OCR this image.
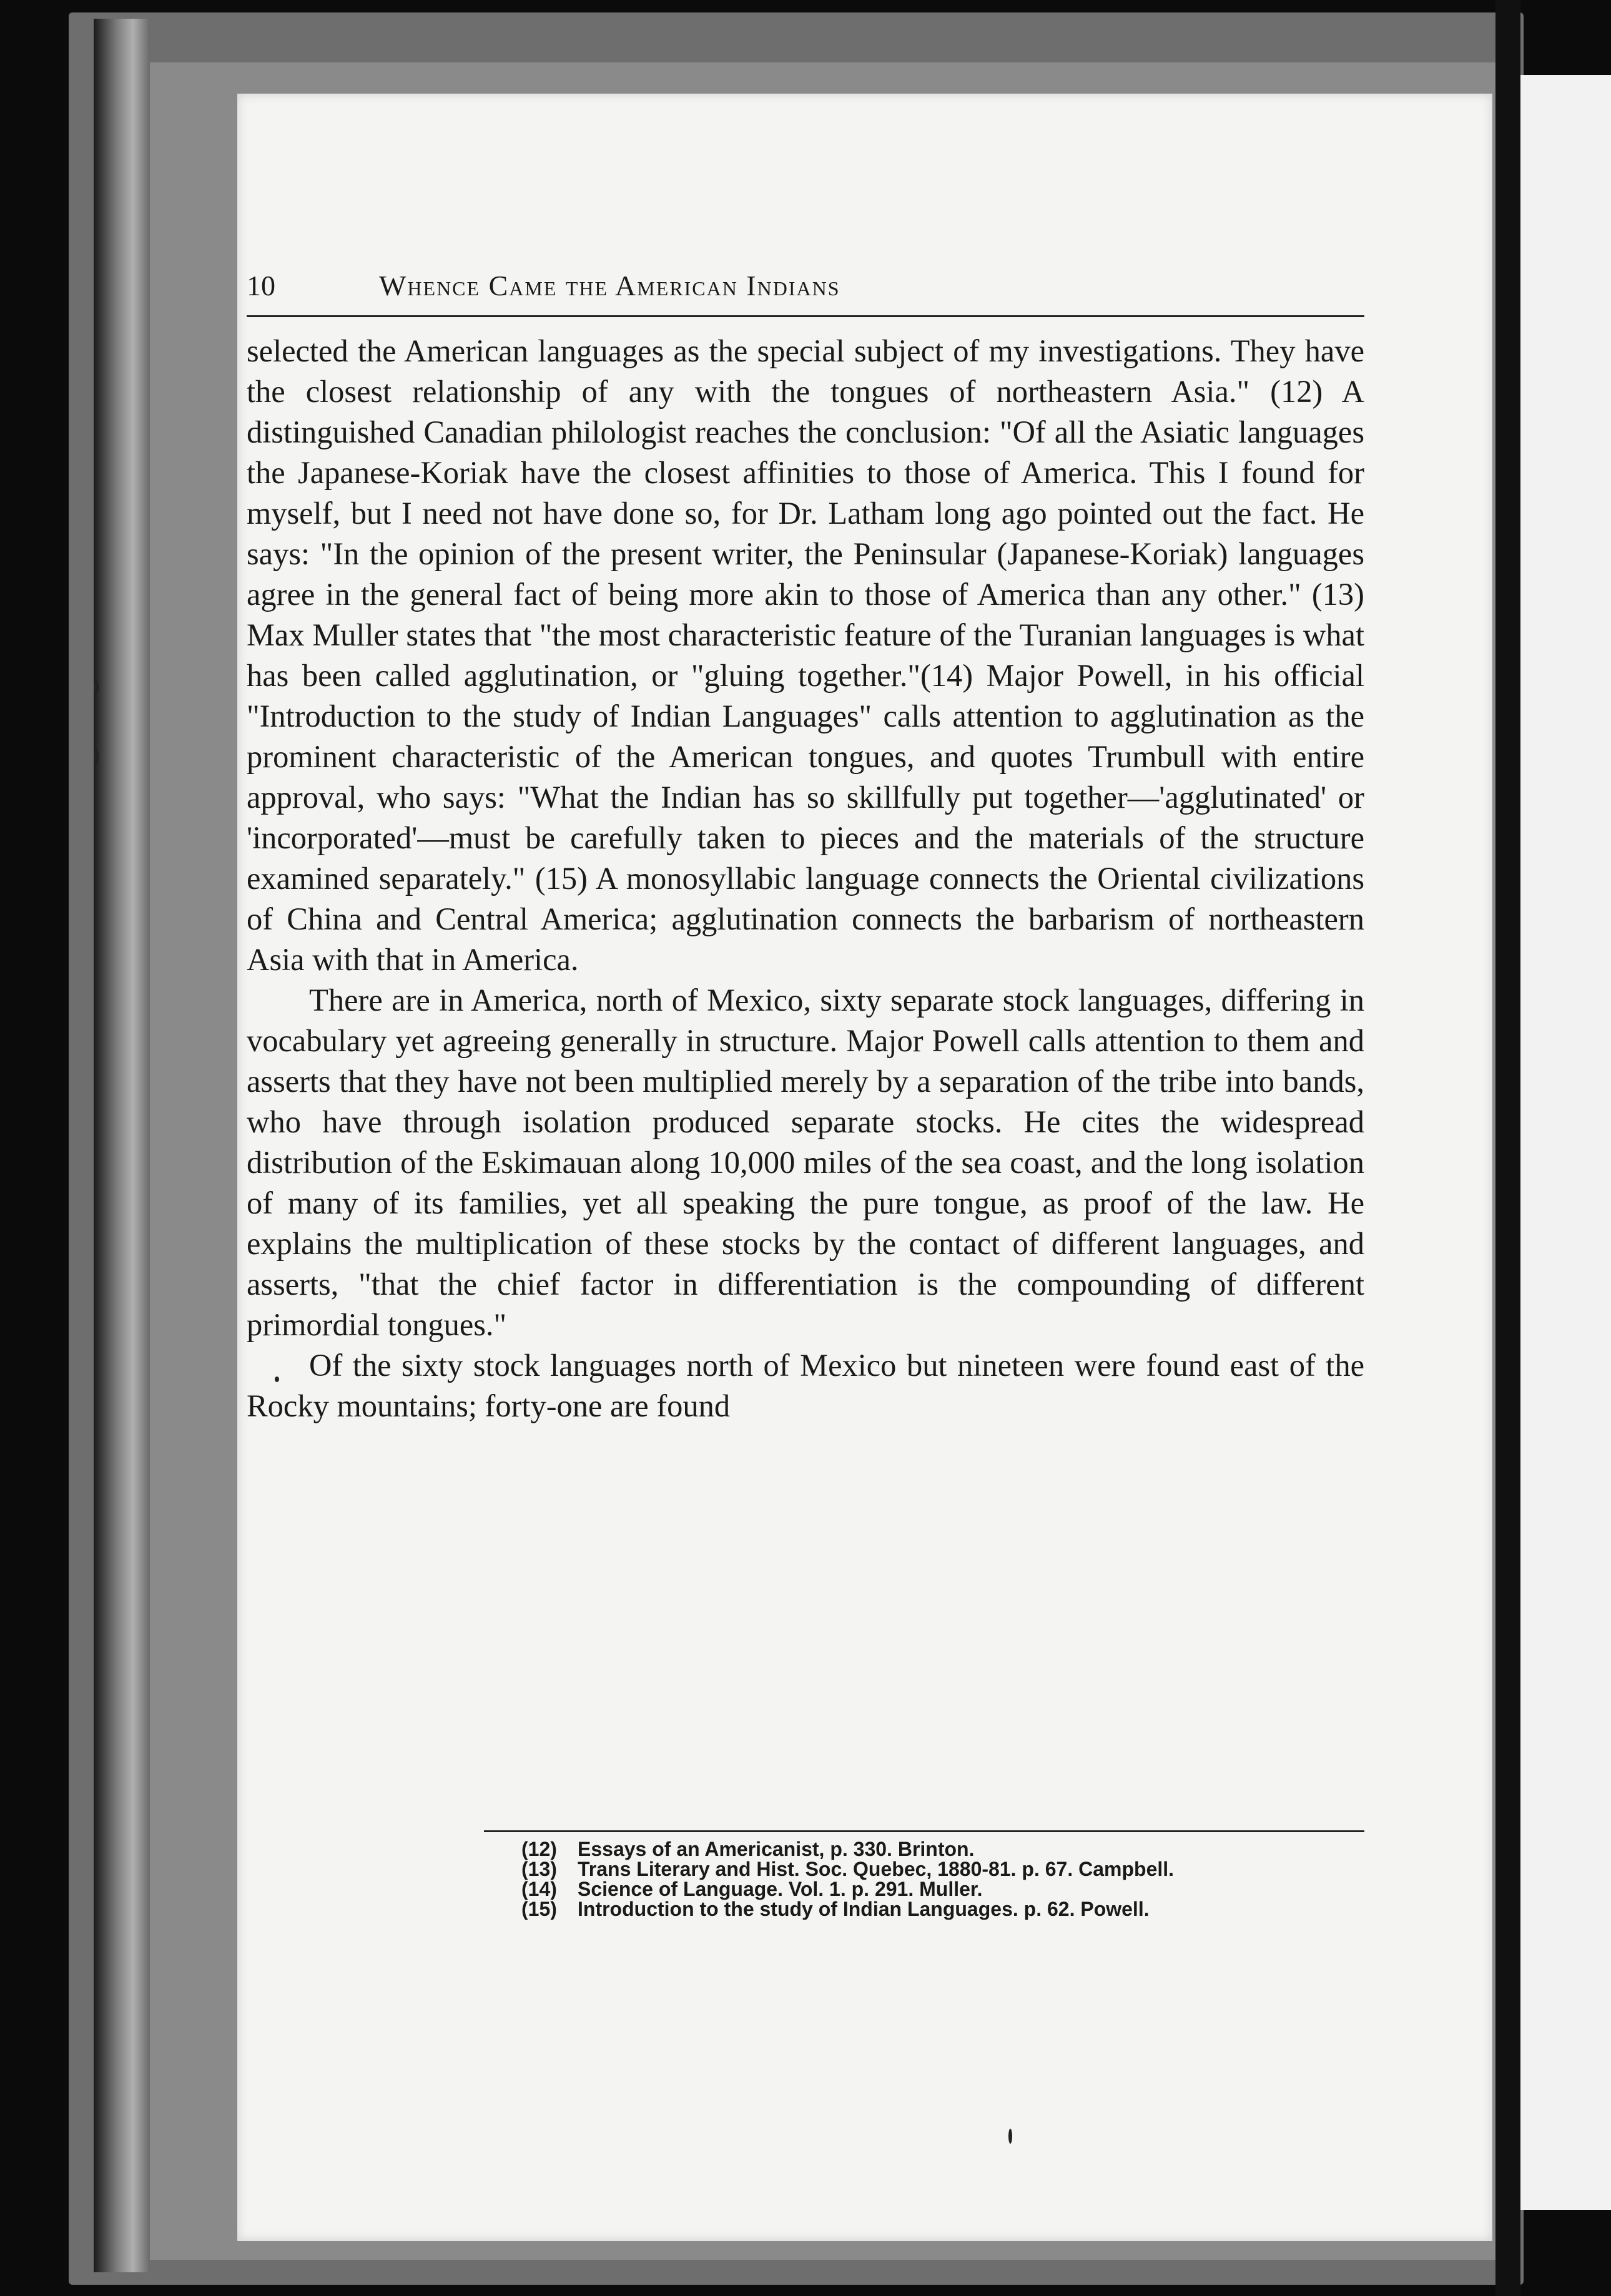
10	Whence Came the American Indians

selected the American languages as the special subject of my investigations. They have the closest relationship of any with the tongues of northeastern Asia." (12) A distinguished Canadian philologist reaches the conclusion: "Of all the Asiatic languages the Japanese-Koriak have the closest affinities to those of America. This I found for myself, but I need not have done so, for Dr. Latham long ago pointed out the fact. He says: "In the opinion of the present writer, the Peninsular (Japanese-Koriak) languages agree in the general fact of being more akin to those of America than any other." (13) Max Muller states that "the most characteristic feature of the Turanian languages is what has been called agglutination, or "gluing together."(14) Major Powell, in his official "Introduction to the study of Indian Languages" calls attention to agglutination as the prominent characteristic of the American tongues, and quotes Trumbull with entire approval, who says: "What the Indian has so skillfully put together—'agglutinated' or 'incorporated'—must be carefully taken to pieces and the materials of the structure examined separately." (15) A monosyllabic language connects the Oriental civilizations of China and Central America; agglutination connects the barbarism of northeastern Asia with that in America.

There are in America, north of Mexico, sixty separate stock languages, differing in vocabulary yet agreeing generally in structure. Major Powell calls attention to them and asserts that they have not been multiplied merely by a separation of the tribe into bands, who have through isolation produced separate stocks. He cites the widespread distribution of the Eskimauan along 10,000 miles of the sea coast, and the long isolation of many of its families, yet all speaking the pure tongue, as proof of the law. He explains the multiplication of these stocks by the contact of different languages, and asserts, "that the chief factor in differentiation is the compounding of different primordial tongues."

Of the sixty stock languages north of Mexico but nineteen were found east of the Rocky mountains; forty-one are found

(12) Essays of an Americanist, p. 330. Brinton.
(13) Trans Literary and Hist. Soc. Quebec, 1880-81. p. 67. Campbell.
(14) Science of Language. Vol. 1. p. 291. Muller.
(15) Introduction to the study of Indian Languages. p. 62. Powell.
